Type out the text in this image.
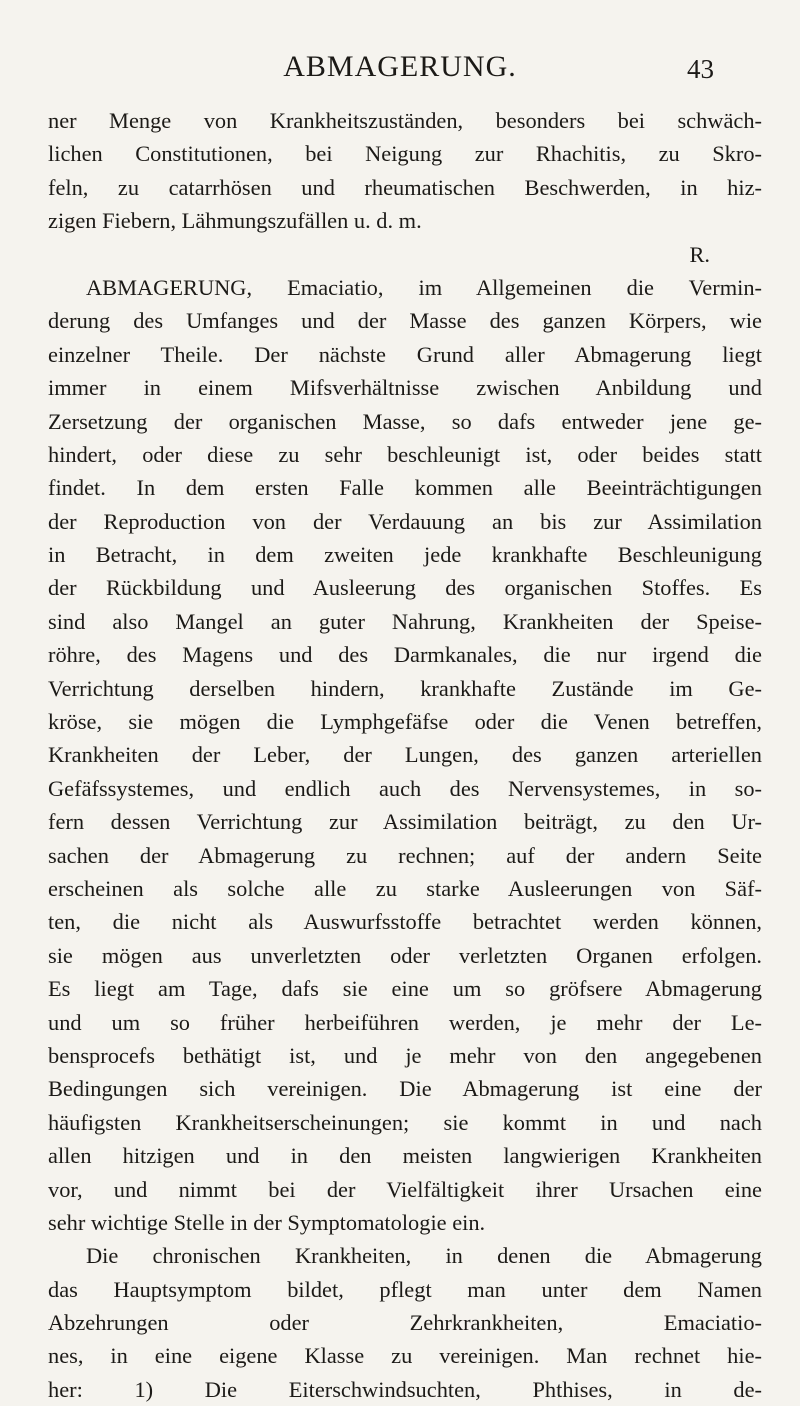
ABMAGERUNG.	43
ner Menge von Krankheitszuständen, besonders bei schwäch-
lichen Constitutionen, bei Neigung zur Rhachitis, zu Skro-
feln, zu catarrhösen und rheumatischen Beschwerden, in hiz-
zigen Fiebern, Lähmungszufällen u. d. m.
R.
ABMAGERUNG, Emaciatio, im Allgemeinen die Vermin-
derung des Umfanges und der Masse des ganzen Körpers, wie
einzelner Theile. Der nächste Grund aller Abmagerung liegt
immer in einem Mifsverhältnisse zwischen Anbildung und
Zersetzung der organischen Masse, so dafs entweder jene ge-
hindert, oder diese zu sehr beschleunigt ist, oder beides statt
findet. In dem ersten Falle kommen alle Beeinträchtigungen
der Reproduction von der Verdauung an bis zur Assimilation
in Betracht, in dem zweiten jede krankhafte Beschleunigung
der Rückbildung und Ausleerung des organischen Stoffes. Es
sind also Mangel an guter Nahrung, Krankheiten der Speise-
röhre, des Magens und des Darmkanales, die nur irgend die
Verrichtung derselben hindern, krankhafte Zustände im Ge-
kröse, sie mögen die Lymphgefäfse oder die Venen betreffen,
Krankheiten der Leber, der Lungen, des ganzen arteriellen
Gefäfssystemes, und endlich auch des Nervensystemes, in so-
fern dessen Verrichtung zur Assimilation beiträgt, zu den Ur-
sachen der Abmagerung zu rechnen; auf der andern Seite
erscheinen als solche alle zu starke Ausleerungen von Säf-
ten, die nicht als Auswurfsstoffe betrachtet werden können,
sie mögen aus unverletzten oder verletzten Organen erfolgen.
Es liegt am Tage, dafs sie eine um so gröfsere Abmagerung
und um so früher herbeiführen werden, je mehr der Le-
bensprocefs bethätigt ist, und je mehr von den angegebenen
Bedingungen sich vereinigen. Die Abmagerung ist eine der
häufigsten Krankheitserscheinungen; sie kommt in und nach
allen hitzigen und in den meisten langwierigen Krankheiten
vor, und nimmt bei der Vielfältigkeit ihrer Ursachen eine
sehr wichtige Stelle in der Symptomatologie ein.
Die chronischen Krankheiten, in denen die Abmagerung
das Hauptsymptom bildet, pflegt man unter dem Namen
Abzehrungen oder Zehrkrankheiten, Emaciatio-
nes, in eine eigene Klasse zu vereinigen. Man rechnet hie-
her: 1) Die Eiterschwindsuchten, Phthises, in de-
